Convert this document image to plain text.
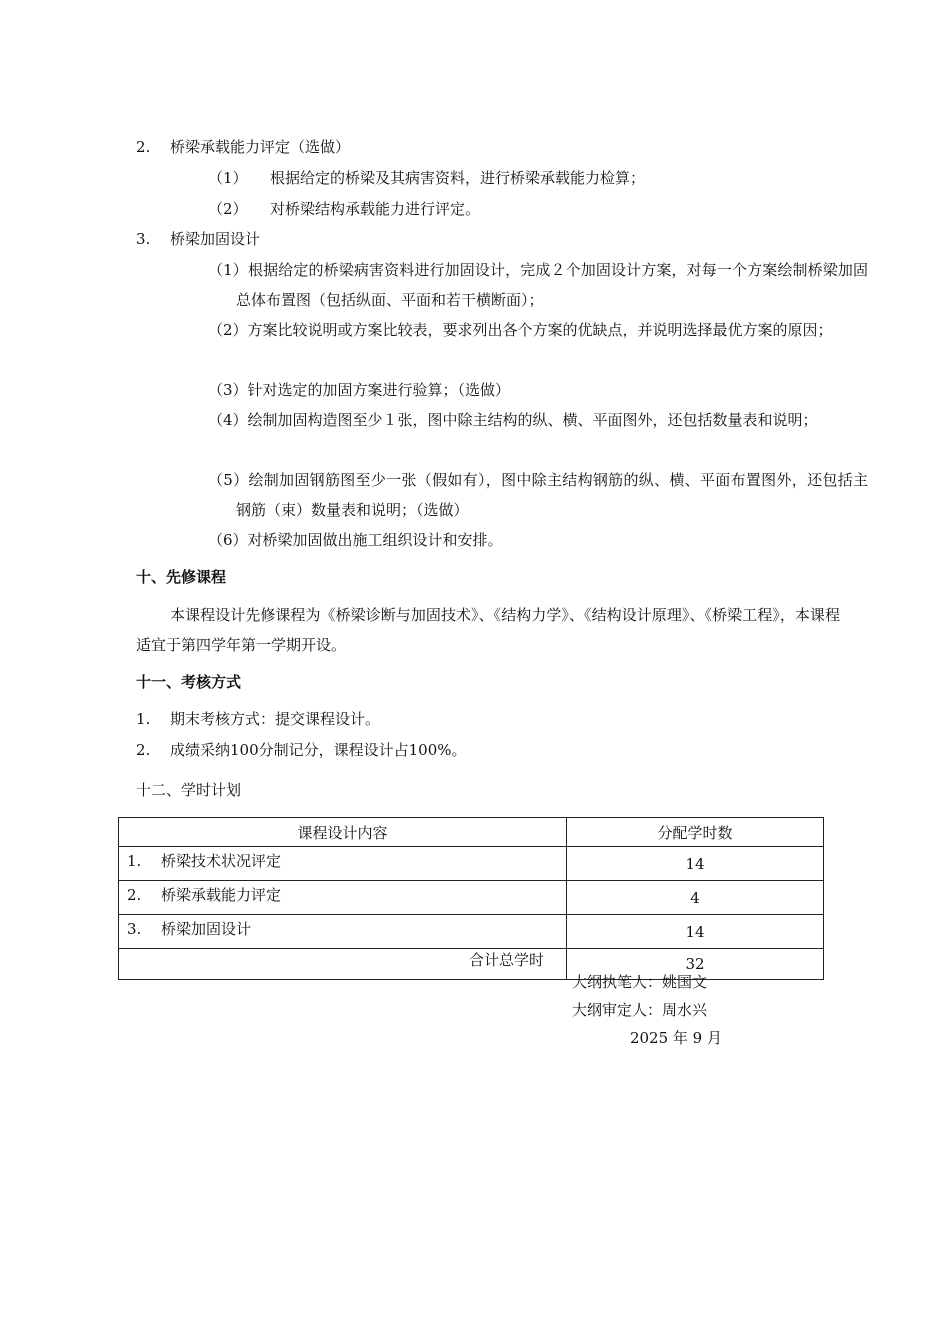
2. 桥梁承载能力评定（选做）
（1） 根据给定的桥梁及其病害资料，进行桥梁承载能力检算；
（2） 对桥梁结构承载能力进行评定。
3. 桥梁加固设计
（1）根据给定的桥梁病害资料进行加固设计，完成２个加固设计方案，对每一个方案绘制桥梁加固总体布置图（包括纵面、平面和若干横断面）；
（2）方案比较说明或方案比较表，要求列出各个方案的优缺点，并说明选择最优方案的原因；
（3）针对选定的加固方案进行验算；（选做）
（4）绘制加固构造图至少１张，图中除主结构的纵、横、平面图外，还包括数量表和说明；
（5）绘制加固钢筋图至少一张（假如有），图中除主结构钢筋的纵、横、平面布置图外，还包括主钢筋（束）数量表和说明；（选做）
（6）对桥梁加固做出施工组织设计和安排。
十、先修课程
本课程设计先修课程为《桥梁诊断与加固技术》、《结构力学》、《结构设计原理》、《桥梁工程》，本课程适宜于第四学年第一学期开设。
十一、考核方式
1. 期末考核方式：提交课程设计。
2. 成绩采纳100分制记分，课程设计占100%。
十二、学时计划
课程设计内容	分配学时数
1. 桥梁技术状况评定	14
2. 桥梁承载能力评定	4
3. 桥梁加固设计	14
合计总学时	32
大纲执笔人：姚国文
大纲审定人：周水兴
2025 年 9 月
